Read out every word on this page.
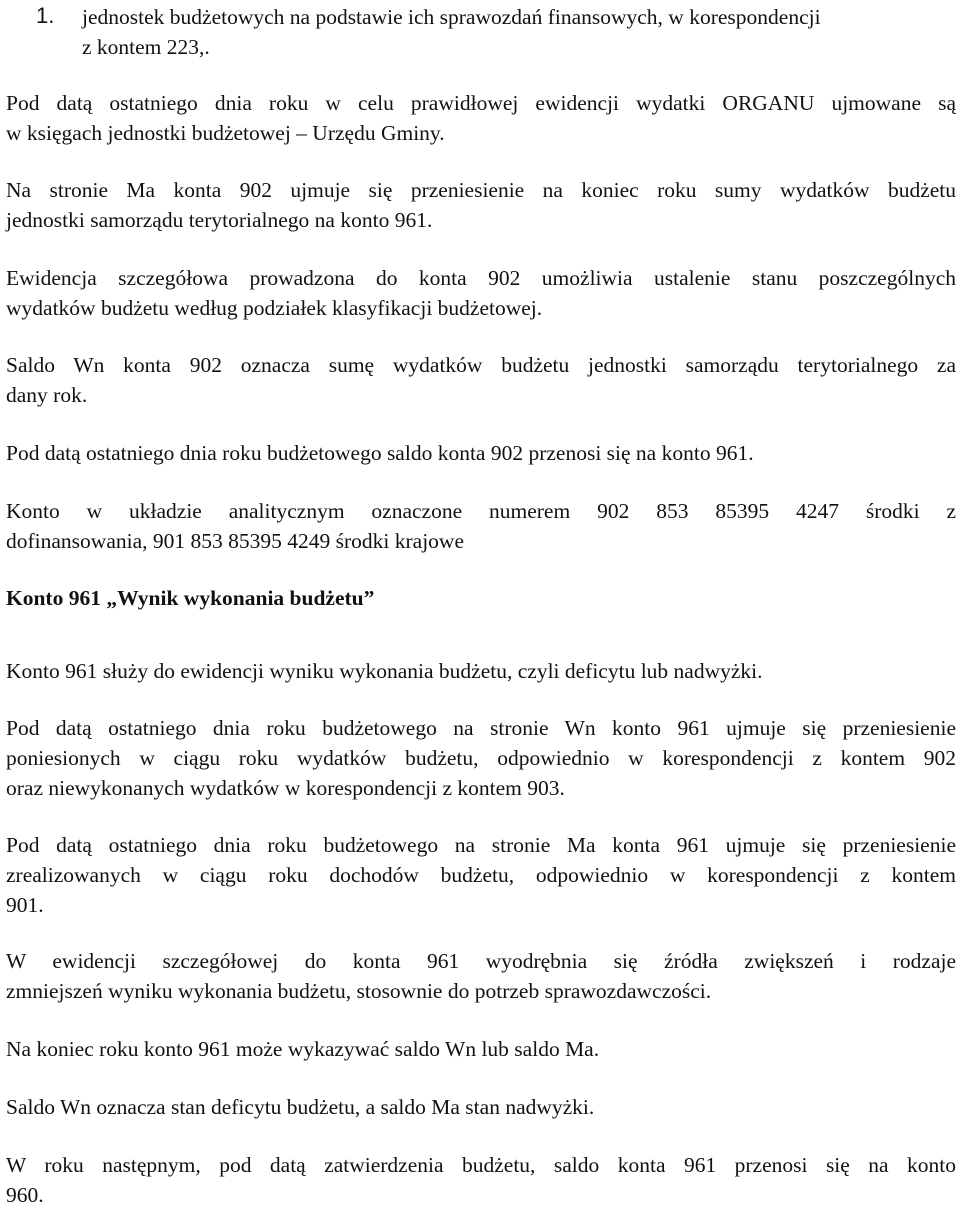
1. jednostek budżetowych na podstawie ich sprawozdań finansowych, w korespondencji
z kontem 223,.
Pod datą ostatniego dnia roku w celu prawidłowej ewidencji wydatki ORGANU ujmowane są
w księgach jednostki budżetowej – Urzędu Gminy.
Na stronie Ma konta 902 ujmuje się przeniesienie na koniec roku sumy wydatków budżetu
jednostki samorządu terytorialnego na konto 961.
Ewidencja szczegółowa prowadzona do konta 902 umożliwia ustalenie stanu poszczególnych
wydatków budżetu według podziałek klasyfikacji budżetowej.
Saldo Wn konta 902 oznacza sumę wydatków budżetu jednostki samorządu terytorialnego za
dany rok.
Pod datą ostatniego dnia roku budżetowego saldo konta 902 przenosi się na konto 961.
Konto w układzie analitycznym oznaczone numerem 902 853 85395 4247 środki z
dofinansowania, 901 853 85395 4249 środki krajowe
Konto 961 „Wynik wykonania budżetu”
Konto 961 służy do ewidencji wyniku wykonania budżetu, czyli deficytu lub nadwyżki.
Pod datą ostatniego dnia roku budżetowego na stronie Wn konto 961 ujmuje się przeniesienie
poniesionych w ciągu roku wydatków budżetu, odpowiednio w korespondencji z kontem 902
oraz niewykonanych wydatków w korespondencji z kontem 903.
Pod datą ostatniego dnia roku budżetowego na stronie Ma konta 961 ujmuje się przeniesienie
zrealizowanych w ciągu roku dochodów budżetu, odpowiednio w korespondencji z kontem
901.
W ewidencji szczegółowej do konta 961 wyodrębnia się źródła zwiększeń i rodzaje
zmniejszeń wyniku wykonania budżetu, stosownie do potrzeb sprawozdawczości.
Na koniec roku konto 961 może wykazywać saldo Wn lub saldo Ma.
Saldo Wn oznacza stan deficytu budżetu, a saldo Ma stan nadwyżki.
W roku następnym, pod datą zatwierdzenia budżetu, saldo konta 961 przenosi się na konto
960.
